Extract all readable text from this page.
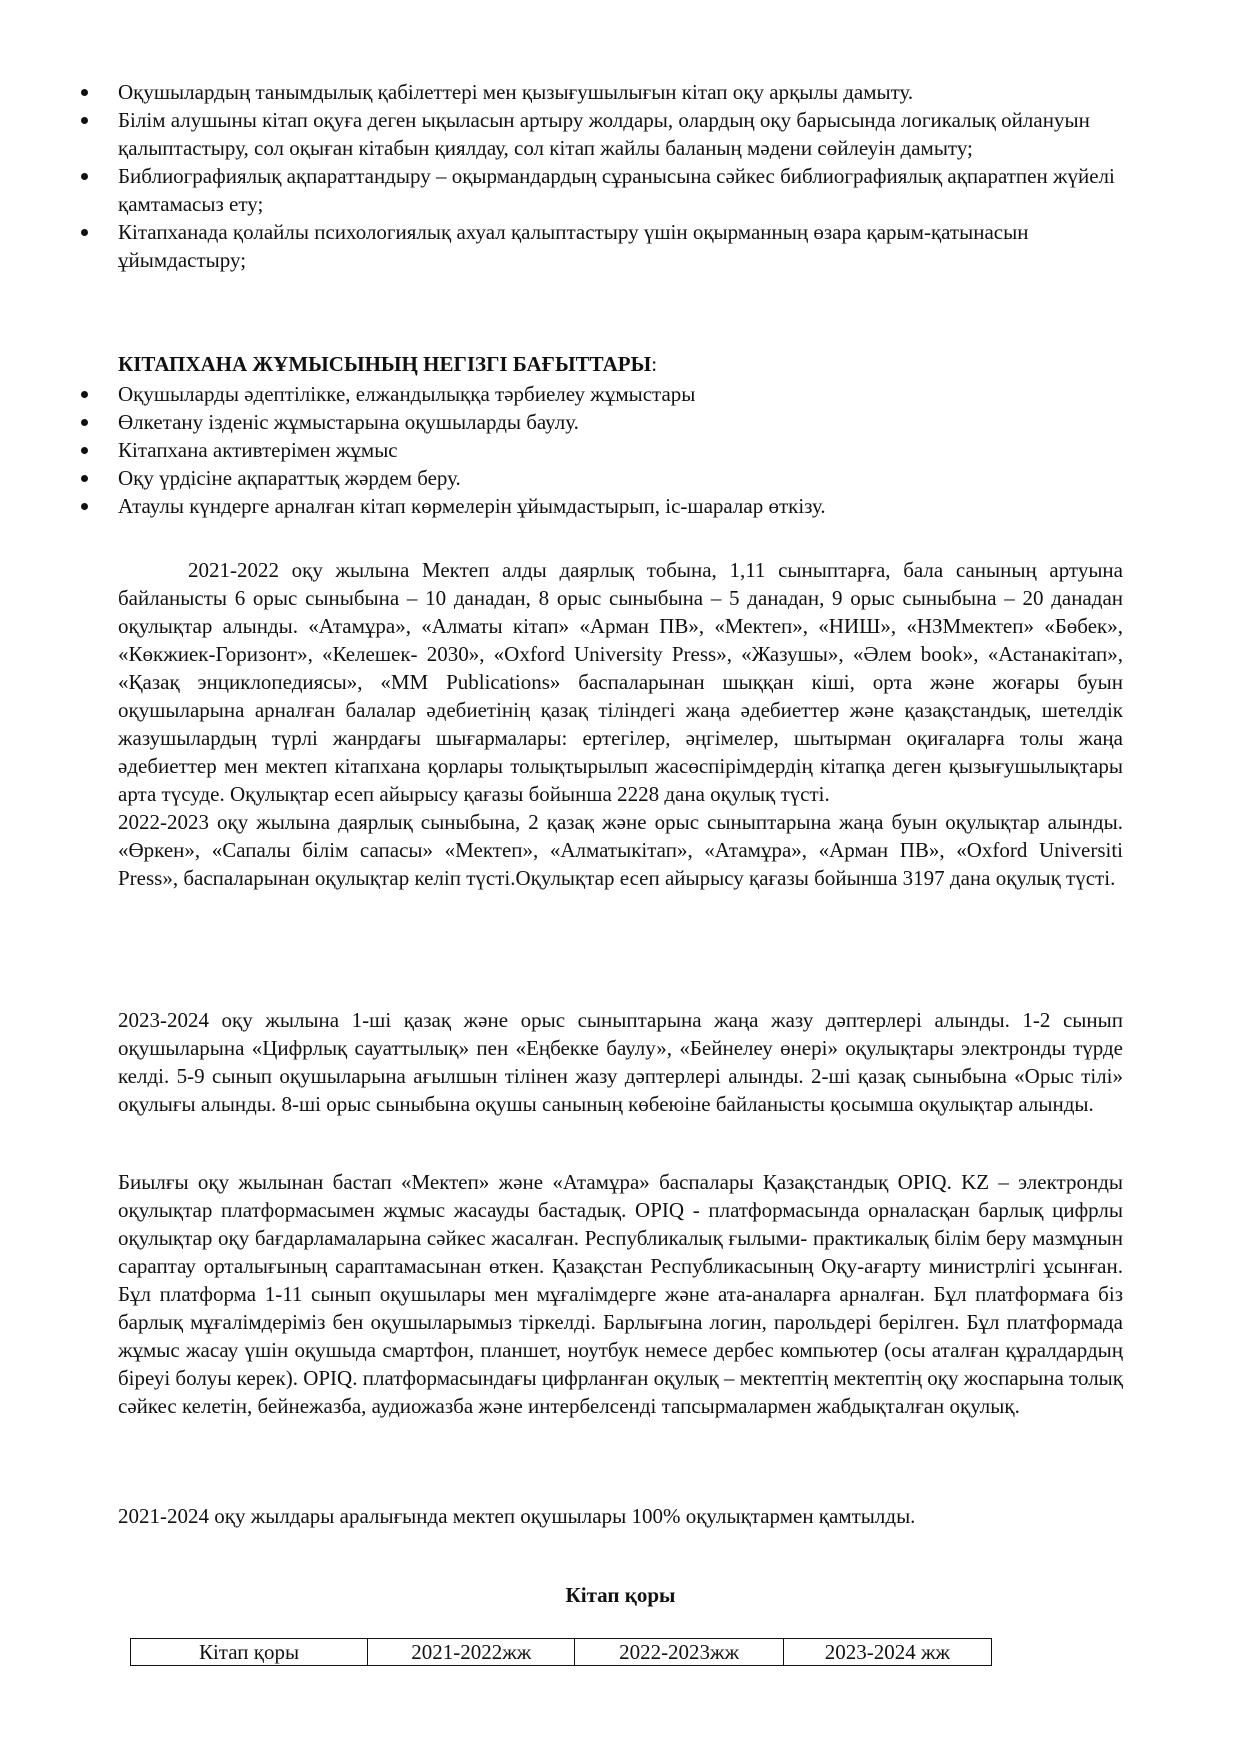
Оқушылардың танымдылық қабілеттері мен қызығушылығын кітап оқу арқылы дамыту.
Білім алушыны кітап оқуға деген ықыласын артыру жолдары, олардың оқу барысында логикалық ойлануын қалыптастыру, сол оқыған кітабын қиялдау, сол кітап жайлы баланың мәдени сөйлеуін дамыту;
Библиографиялық ақпараттандыру – оқырмандардың сұранысына сәйкес библиографиялық ақпаратпен жүйелі қамтамасыз ету;
Кітапханада қолайлы психологиялық ахуал қалыптастыру үшін оқырманның өзара қарым-қатынасын ұйымдастыру;
КІТАПХАНА ЖҰМЫСЫНЫҢ НЕГІЗГІ БАҒЫТТАРЫ:
Оқушыларды әдептілікке, елжандылыққа тәрбиелеу жұмыстары
Өлкетану ізденіс жұмыстарына оқушыларды баулу.
Кітапхана активтерімен жұмыс
Оқу үрдісіне ақпараттық жәрдем беру.
Атаулы күндерге арналған кітап көрмелерін ұйымдастырып, іс-шаралар өткізу.

2021-2022 оқу жылына Мектеп алды даярлық тобына, 1,11 сыныптарға, бала санының артуына байланысты 6 орыс сыныбына – 10 данадан, 8 орыс сыныбына – 5 данадан, 9 орыс сыныбына – 20 данадан оқулықтар алынды. «Атамұра», «Алматы кітап» «Арман ПВ», «Мектеп», «НИШ», «НЗМмектеп» «Бөбек», «Көкжиек-Горизонт», «Келешек- 2030», «Oxford University Press», «Жазушы», «Әлем book», «Астанакітап», «Қазақ энциклопедиясы», «ММ Publications» баспаларынан шыққан кіші, орта және жоғары буын оқушыларына арналған балалар әдебиетінің қазақ тіліндегі жаңа әдебиеттер және қазақстандық, шетелдік жазушылардың түрлі жанрдағы шығармалары: ертегілер, әңгімелер, шытырман оқиғаларға толы жаңа әдебиеттер мен мектеп кітапхана қорлары толықтырылып жасөспірімдердің кітапқа деген қызығушылықтары арта түсуде. Оқулықтар есеп айырысу қағазы бойынша 2228 дана оқулық түсті.

2022-2023 оқу жылына даярлық сыныбына, 2 қазақ және орыс сыныптарына жаңа буын оқулықтар алынды. «Өркен», «Сапалы білім сапасы» «Мектеп», «Алматыкітап», «Атамұра», «Арман ПВ», «Oxford Universiti Press», баспаларынан оқулықтар келіп түсті.Оқулықтар есеп айырысу қағазы бойынша 3197 дана оқулық түсті.

2023-2024 оқу жылына 1-ші қазақ және орыс сыныптарына жаңа жазу дәптерлері алынды. 1-2 сынып оқушыларына «Цифрлық сауаттылық» пен «Еңбекке баулу», «Бейнелеу өнері» оқулықтары электронды түрде келді. 5-9 сынып оқушыларына ағылшын тілінен жазу дәптерлері алынды. 2-ші қазақ сыныбына «Орыс тілі» оқулығы алынды. 8-ші орыс сыныбына оқушы санының көбеюіне байланысты қосымша оқулықтар алынды.

Биылғы оқу жылынан бастап «Мектеп» және «Атамұра» баспалары Қазақстандық OPIQ. KZ – электронды оқулықтар платформасымен жұмыс жасауды бастадық. OPIQ - платформасында орналасқан барлық цифрлы оқулықтар оқу бағдарламаларына сәйкес жасалған. Республикалық ғылыми- практикалық білім беру мазмұнын сараптау орталығының сараптамасынан өткен. Қазақстан Республикасының Оқу-ағарту министрлігі ұсынған. Бұл платформа 1-11 сынып оқушылары мен мұғалімдерге және ата-аналарға арналған. Бұл платформаға біз барлық мұғалімдеріміз бен оқушыларымыз тіркелді. Барлығына логин, парольдері берілген. Бұл платформада жұмыс жасау үшін оқушыда смартфон, планшет, ноутбук немесе дербес компьютер (осы аталған құралдардың біреуі болуы керек). OPIQ. платформасындағы цифрланған оқулық – мектептің мектептің оқу жоспарына толық сәйкес келетін, бейнежазба, аудиожазба және интербелсенді тапсырмалармен жабдықталған оқулық.

2021-2024 оқу жылдары аралығында мектеп оқушылары 100% оқулықтармен қамтылды.

Кітап қоры
Кітап қоры	2021-2022жж	2022-2023жж	2023-2024 жж
